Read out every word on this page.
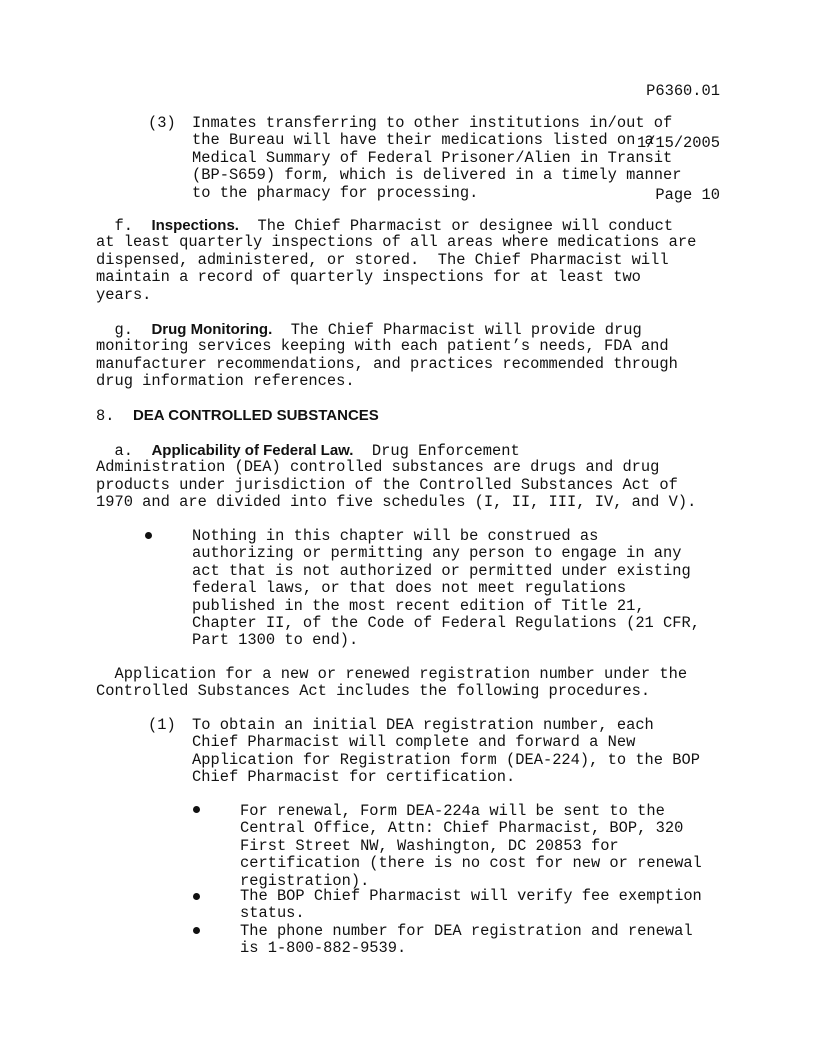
P6360.01

1/15/2005

Page 10

(3) Inmates transferring to other institutions in/out of
the Bureau will have their medications listed on a
Medical Summary of Federal Prisoner/Alien in Transit
(BP-S659) form, which is delivered in a timely manner
to the pharmacy for processing.
f. Inspections. The Chief Pharmacist or designee will conduct
at least quarterly inspections of all areas where medications are
dispensed, administered, or stored.  The Chief Pharmacist will
maintain a record of quarterly inspections for at least two
years.
g. Drug Monitoring. The Chief Pharmacist will provide drug
monitoring services keeping with each patient’s needs, FDA and
manufacturer recommendations, and practices recommended through
drug information references.
8. DEA CONTROLLED SUBSTANCES
a. Applicability of Federal Law. Drug Enforcement
Administration (DEA) controlled substances are drugs and drug
products under jurisdiction of the Controlled Substances Act of
1970 and are divided into five schedules (I, II, III, IV, and V).
Nothing in this chapter will be construed as
authorizing or permitting any person to engage in any
act that is not authorized or permitted under existing
federal laws, or that does not meet regulations
published in the most recent edition of Title 21,
Chapter II, of the Code of Federal Regulations (21 CFR,
Part 1300 to end).
Application for a new or renewed registration number under the
Controlled Substances Act includes the following procedures.
(1) To obtain an initial DEA registration number, each
Chief Pharmacist will complete and forward a New
Application for Registration form (DEA-224), to the BOP
Chief Pharmacist for certification.
For renewal, Form DEA-224a will be sent to the
Central Office, Attn: Chief Pharmacist, BOP, 320
First Street NW, Washington, DC 20853 for
certification (there is no cost for new or renewal
registration).
The BOP Chief Pharmacist will verify fee exemption
status.
The phone number for DEA registration and renewal
is 1-800-882-9539.
